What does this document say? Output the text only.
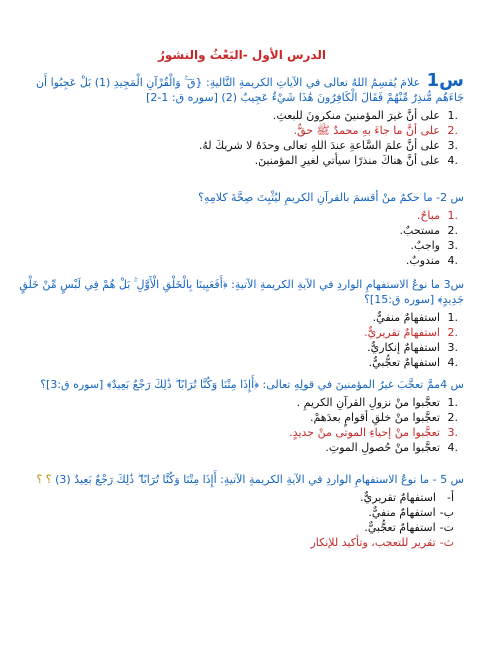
الدرس الأول -البَعْثُ والنشورُ
س1 علامَ يُقسِمُ اللهُ تعالى في الآياتِ الكريمةِ التَّاليةِ: {قٓ ۚ وَالْقُرْآنِ الْمَجِيدِ (1) بَلْ عَجِبُوا أَن جَاءَهُم مُّنذِرٌ مِّنْهُمْ فَقَالَ الْكَافِرُونَ هَٰذَا شَيْءٌ عَجِيبٌ (2) [سوره ق: 1-2]
.1
على أنَّ غيرَ المؤمنينَ منكرونَ للبعثِ.
.2
على أنَّ ما جاءَ بهِ محمدٌ ﷺ حقٌّ.
.3
على أنَّ علمَ السَّاعةِ عندَ اللهِ تعالى وحدَهُ لا شريكَ لهُ.
.4
على أنَّ هناكَ منذرًا سيأتي لغيرِ المؤمنينَ.
س 2- ما حكمُ منْ أقسمَ بالقرآنِ الكريمِ ليُثْبِتَ صِحَّةَ كلامِهِ؟
.1
مباحٌ.
.2
مستحبٌ.
.3
واجبٌ.
.4
مندوبٌ.
س3 ما نوعُ الاستفهامِ الواردِ في الآيةِ الكريمةِ الآتيةِ: ﴿أَفَعَيِينَا بِالْخَلْقِ الْأَوَّلِ ۚ بَلْ هُمْ فِي لَبْسٍ مِّنْ خَلْقٍ جَدِيدٍ﴾ [سوره ق:15]؟
.1
استفهامٌ منفيٌّ.
.2
استفهامٌ تقريريٌّ.
.3
استفهامٌ إنكاريٌّ.
.4
استفهامٌ تعجُّبيٌّ.
س 4ممَّ تعجَّبَ غيرُ المؤمنينَ في قولِهِ تعالى: ﴿أَإِذَا مِتْنَا وَكُنَّا تُرَابًا ۖ ذَٰلِكَ رَجْعٌ بَعِيدٌ﴾ [سوره ق:3]؟
.1
تعجَّبوا منْ نزولِ القرآنِ الكريمِ .
.2
تعجَّبوا منْ خلقِ أقوامٍ بعدَهمْ.
.3
تعجَّبوا منْ إحياءِ الموتى منْ جديدٍ.
.4
تعجَّبوا منْ حُصولِ الموتِ.
س 5 - ما نوعُ الاستفهامِ الواردِ في الآيةِ الكريمةِ الآتيةِ: أَإِذَا مِتْنَا وَكُنَّا تُرَابًا ۖ ذَٰلِكَ رَجْعٌ بَعِيدٌ (3) ؟ ؟
أ-
استفهامٌ تقريريٌّ.
ب-
استفهامٌ منفيٌّ.
ت-
استفهامٌ تعجُّبيٌّ.
ث-
تقرير للتعجب، وتأكيد للإنكار
